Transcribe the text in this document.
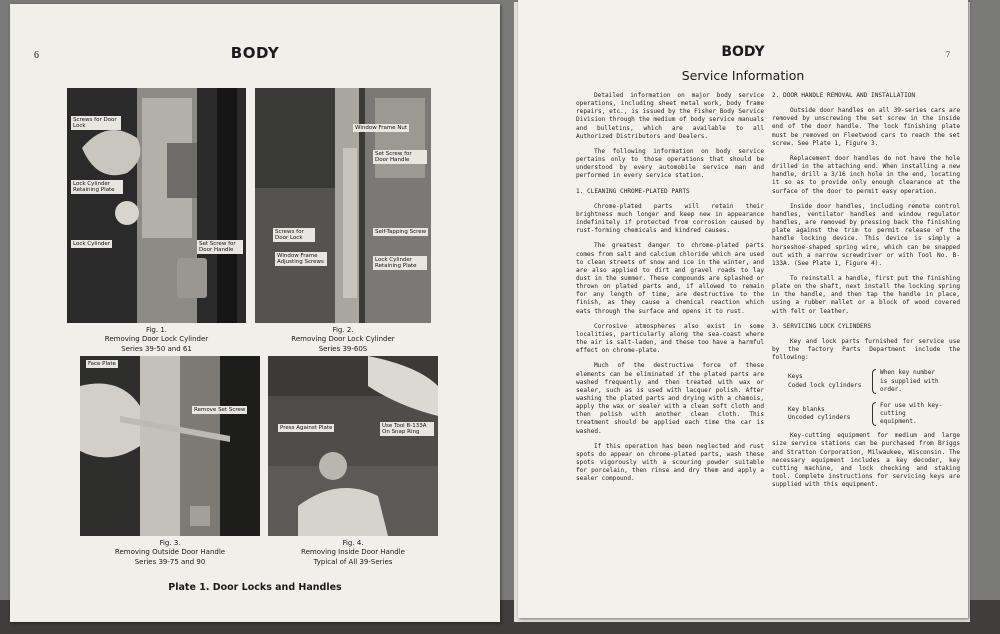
6	BODY
Screws for Door Lock
Lock Cylinder Retaining Plate
Lock Cylinder	Set Screw for Door Handle
Fig. 1.
Removing Door Lock Cylinder
Series 39-50 and 61
Window Frame Nut
Set Screw for Door Handle
Self-Tapping Screw
Screws for Door Lock
Lock Cylinder Retaining Plate
Window Frame Adjusting Screws
Fig. 2.
Removing Door Lock Cylinder
Series 39-60S
Face Plate
Remove Set Screw
Fig. 3.
Removing Outside Door Handle
Series 39-75 and 90
Press Against Plate	Use Tool B-133A On Snap Ring
Fig. 4.
Removing Inside Door Handle
Typical of All 39-Series
Plate 1. Door Locks and Handles
BODY	7
Service Information

Detailed information on major body service operations, including sheet metal work, body frame repairs, etc., is issued by the Fisher Body Service Division through the medium of body service manuals and bulletins, which are available to all Authorized Distributors and Dealers.

The following information on body service pertains only to those operations that should be understood by every automobile service man and performed in every service station.

1. CLEANING CHROME-PLATED PARTS

Chrome-plated parts will retain their brightness much longer and keep new in appearance indefinitely if protected from corrosion caused by rust-forming chemicals and kindred causes.

The greatest danger to chrome-plated parts comes from salt and calcium chloride which are used to clean streets of snow and ice in the winter, and are also applied to dirt and gravel roads to lay dust in the summer. These compounds are splashed or thrown on plated parts and, if allowed to remain for any length of time, are destructive to the finish, as they cause a chemical reaction which eats through the surface and opens it to rust.

Corrosive atmospheres also exist in some localities, particularly along the sea-coast where the air is salt-laden, and these too have a harmful effect on chrome-plate.

Much of the destructive force of these elements can be eliminated if the plated parts are washed frequently and then treated with wax or sealer, such as is used with lacquer polish. After washing the plated parts and drying with a chamois, apply the wax or sealer with a clean soft cloth and then polish with another clean cloth. This treatment should be applied each time the car is washed.

If this operation has been neglected and rust spots do appear on chrome-plated parts, wash these spots vigorously with a scouring powder suitable for porcelain, then rinse and dry them and apply a sealer compound.

2. DOOR HANDLE REMOVAL AND INSTALLATION

Outside door handles on all 39-series cars are removed by unscrewing the set screw in the inside end of the door handle. The lock finishing plate must be removed on Fleetwood cars to reach the set screw. See Plate 1, Figure 3.

Replacement door handles do not have the hole drilled in the attaching end. When installing a new handle, drill a 3/16 inch hole in the end, locating it so as to provide only enough clearance at the surface of the door to permit easy operation.

Inside door handles, including remote control handles, ventilator handles and window regulator handles, are removed by pressing back the finishing plate against the trim to permit release of the handle locking device. This device is simply a horseshoe-shaped spring wire, which can be snapped out with a narrow screwdriver or with Tool No. B-133A. (See Plate 1, Figure 4).

To reinstall a handle, first put the finishing plate on the shaft, next install the locking spring in the handle, and then tap the handle in place, using a rubber mallet or a block of wood covered with felt or leather.

3. SERVICING LOCK CYLINDERS

Key and lock parts furnished for service use by the factory Parts Department include the following:

Keys
Coded lock cylinders
When key number is supplied with order.
Key blanks
Uncoded cylinders
For use with key-cutting equipment.

Key-cutting equipment for medium and large size service stations can be purchased from Briggs and Stratton Corporation, Milwaukee, Wisconsin. The necessary equipment includes a key decoder, key cutting machine, and lock checking and staking tool. Complete instructions for servicing keys are supplied with this equipment.
